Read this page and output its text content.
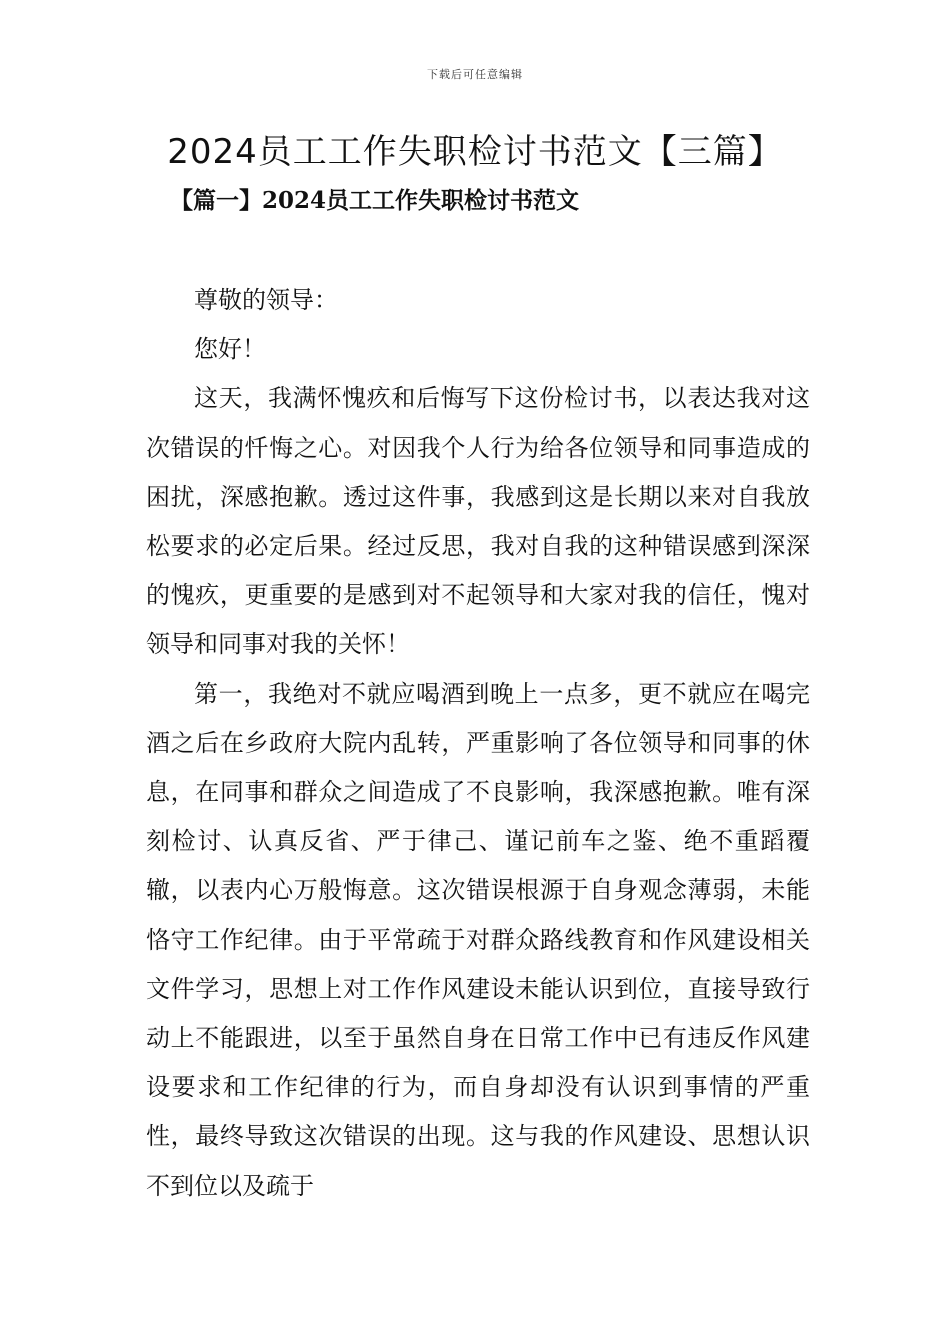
下载后可任意编辑
2024员工工作失职检讨书范文【三篇】
【篇一】2024员工工作失职检讨书范文

尊敬的领导：

您好！

这天，我满怀愧疚和后悔写下这份检讨书，以表达我对这次错误的忏悔之心。对因我个人行为给各位领导和同事造成的困扰，深感抱歉。透过这件事，我感到这是长期以来对自我放松要求的必定后果。经过反思，我对自我的这种错误感到深深的愧疚，更重要的是感到对不起领导和大家对我的信任，愧对领导和同事对我的关怀！

第一，我绝对不就应喝酒到晚上一点多，更不就应在喝完酒之后在乡政府大院内乱转，严重影响了各位领导和同事的休息，在同事和群众之间造成了不良影响，我深感抱歉。唯有深刻检讨、认真反省、严于律己、谨记前车之鉴、绝不重蹈覆辙，以表内心万般悔意。这次错误根源于自身观念薄弱，未能恪守工作纪律。由于平常疏于对群众路线教育和作风建设相关文件学习，思想上对工作作风建设未能认识到位，直接导致行动上不能跟进，以至于虽然自身在日常工作中已有违反作风建设要求和工作纪律的行为，而自身却没有认识到事情的严重性，最终导致这次错误的出现。这与我的作风建设、思想认识不到位以及疏于
